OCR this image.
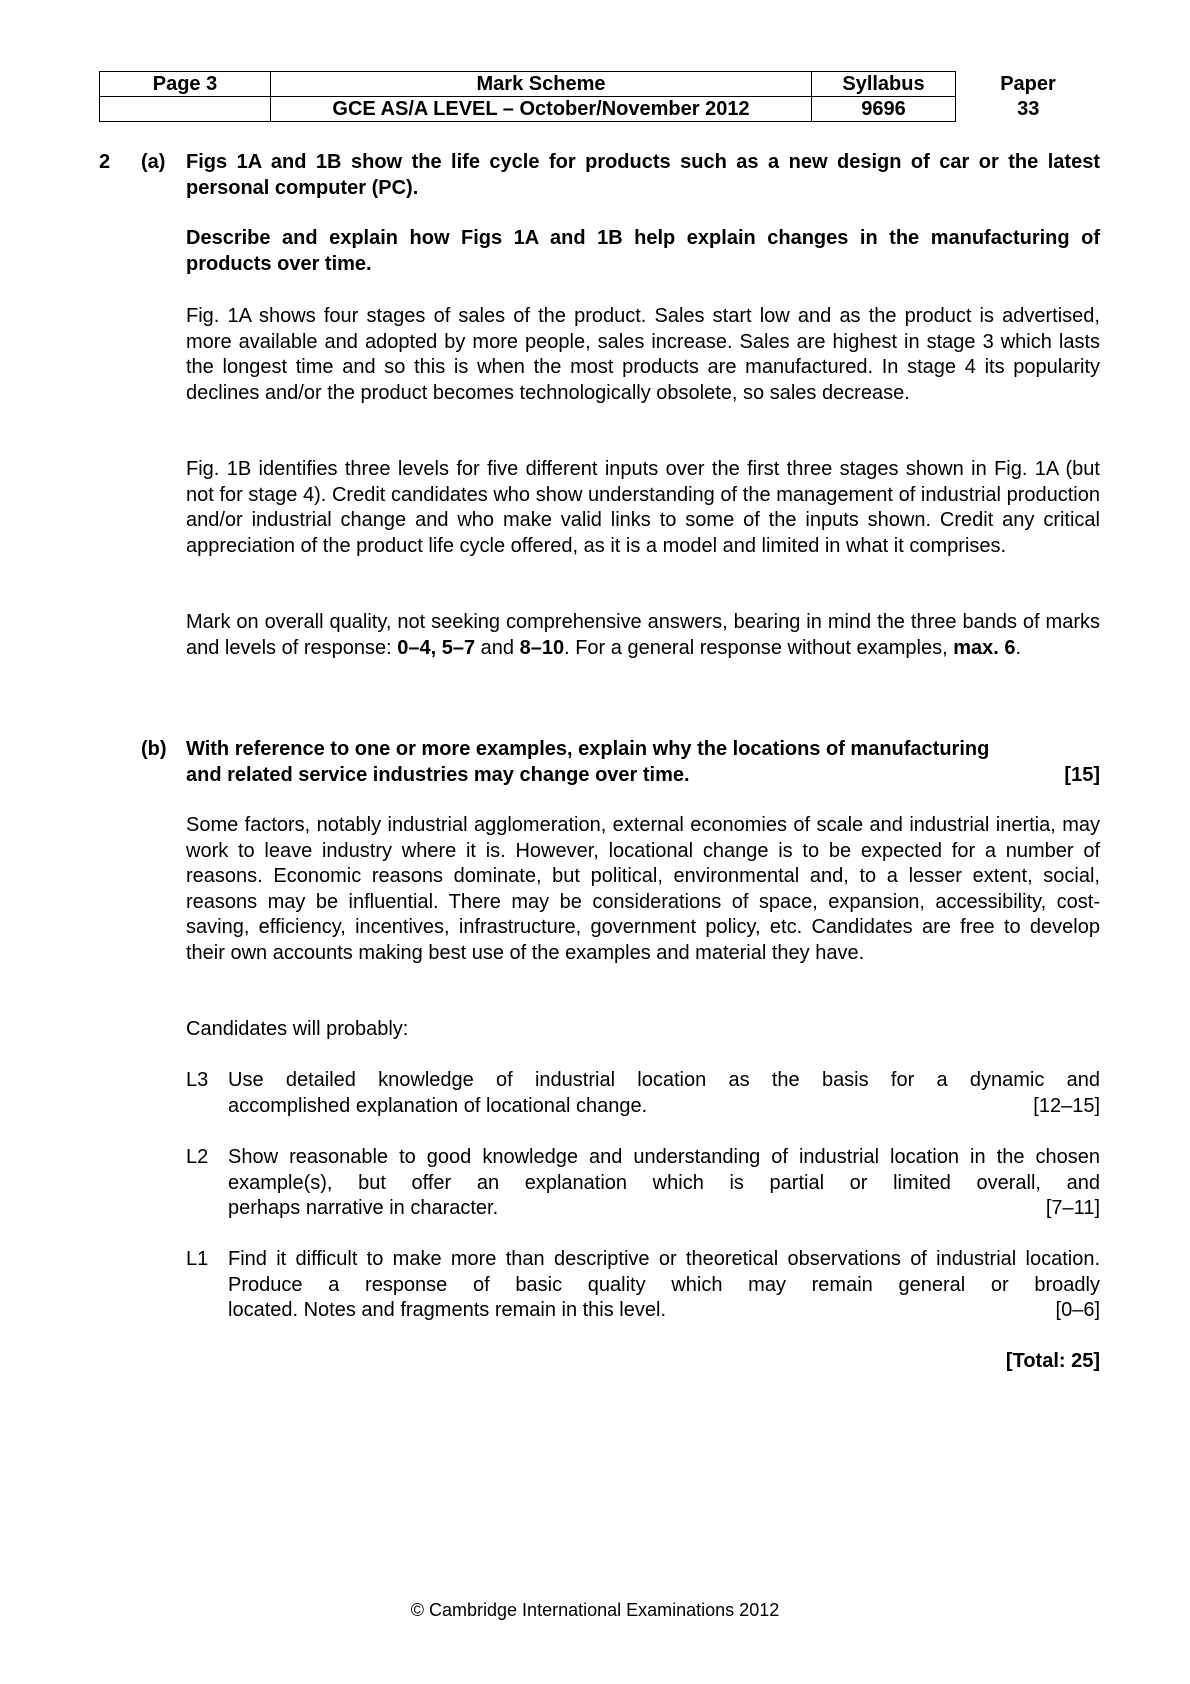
Page 3	Mark Scheme	Syllabus	Paper
	GCE AS/A LEVEL – October/November 2012	9696	33
2 (a) Figs 1A and 1B show the life cycle for products such as a new design of car or the latest personal computer (PC).
Describe and explain how Figs 1A and 1B help explain changes in the manufacturing of products over time.
Fig. 1A shows four stages of sales of the product. Sales start low and as the product is advertised, more available and adopted by more people, sales increase. Sales are highest in stage 3 which lasts the longest time and so this is when the most products are manufactured. In stage 4 its popularity declines and/or the product becomes technologically obsolete, so sales decrease.
Fig. 1B identifies three levels for five different inputs over the first three stages shown in Fig. 1A (but not for stage 4). Credit candidates who show understanding of the management of industrial production and/or industrial change and who make valid links to some of the inputs shown. Credit any critical appreciation of the product life cycle offered, as it is a model and limited in what it comprises.
Mark on overall quality, not seeking comprehensive answers, bearing in mind the three bands of marks and levels of response: 0–4, 5–7 and 8–10. For a general response without examples, max. 6.
(b) With reference to one or more examples, explain why the locations of manufacturing
and related service industries may change over time.	[15]
Some factors, notably industrial agglomeration, external economies of scale and industrial inertia, may work to leave industry where it is. However, locational change is to be expected for a number of reasons. Economic reasons dominate, but political, environmental and, to a lesser extent, social, reasons may be influential. There may be considerations of space, expansion, accessibility, cost-saving, efficiency, incentives, infrastructure, government policy, etc. Candidates are free to develop their own accounts making best use of the examples and material they have.
Candidates will probably:
L3 Use detailed knowledge of industrial location as the basis for a dynamic and
accomplished explanation of locational change.	[12–15]
L2 Show reasonable to good knowledge and understanding of industrial location in the chosen example(s), but offer an explanation which is partial or limited overall, and
perhaps narrative in character.	[7–11]
L1 Find it difficult to make more than descriptive or theoretical observations of industrial location. Produce a response of basic quality which may remain general or broadly
located. Notes and fragments remain in this level.	[0–6]
[Total: 25]
© Cambridge International Examinations 2012
